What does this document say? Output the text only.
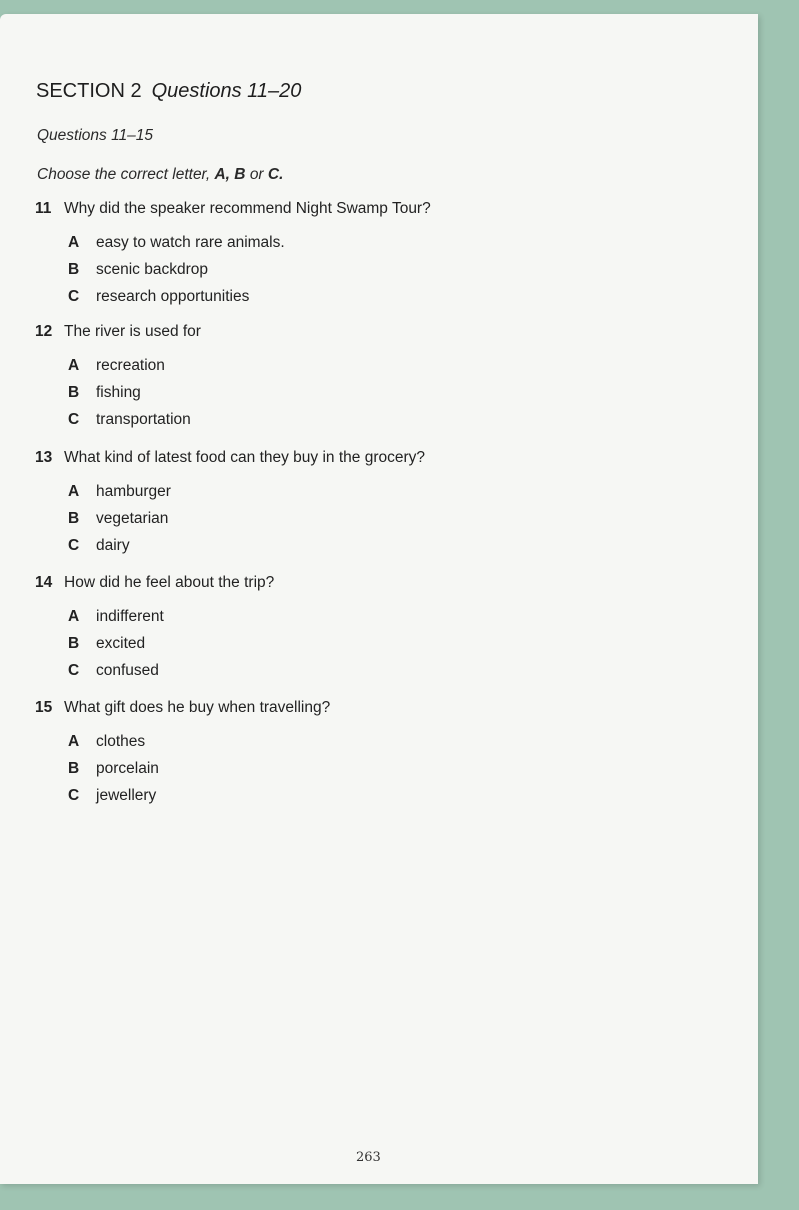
SECTION 2 Questions 11–20
Questions 11–15
Choose the correct letter, A, B or C.
11 Why did the speaker recommend Night Swamp Tour?
A	easy to watch rare animals.
B	scenic backdrop
C	research opportunities
12 The river is used for
A	recreation
B	fishing
C	transportation
13 What kind of latest food can they buy in the grocery?
A	hamburger
B	vegetarian
C	dairy
14 How did he feel about the trip?
A	indifferent
B	excited
C	confused
15 What gift does he buy when travelling?
A	clothes
B	porcelain
C	jewellery
263
